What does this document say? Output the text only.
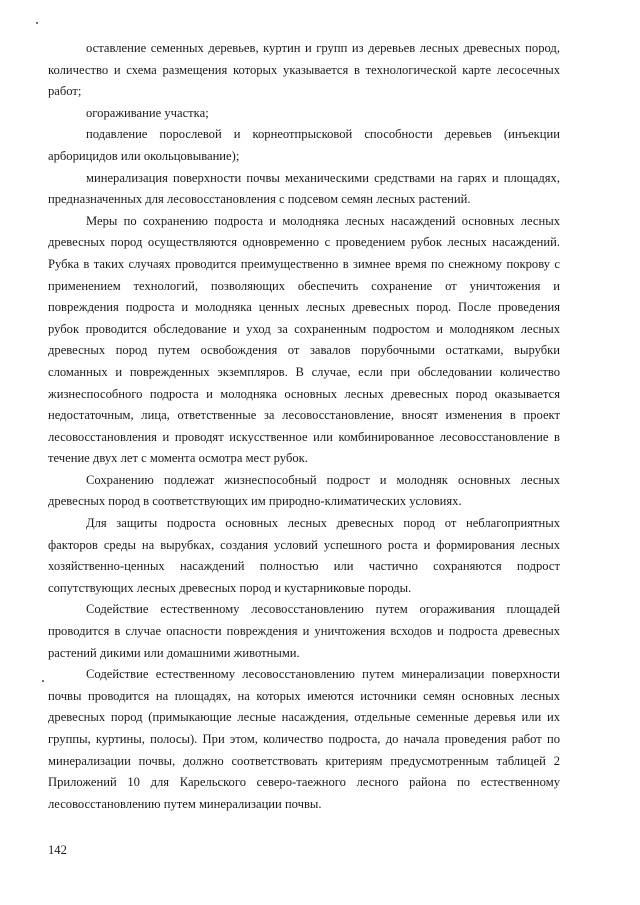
оставление семенных деревьев, куртин и групп из деревьев лесных древесных пород, количество и схема размещения которых указывается в технологической карте лесосечных работ;

огораживание участка;

подавление порослевой и корнеотпрысковой способности деревьев (инъекции арборицидов или окольцовывание);

минерализация поверхности почвы механическими средствами на гарях и площадях, предназначенных для лесовосстановления с подсевом семян лесных растений.

Меры по сохранению подроста и молодняка лесных насаждений основных лесных древесных пород осуществляются одновременно с проведением рубок лесных насаждений. Рубка в таких случаях проводится преимущественно в зимнее время по снежному покрову с применением технологий, позволяющих обеспечить сохранение от уничтожения и повреждения подроста и молодняка ценных лесных древесных пород. После проведения рубок проводится обследование и уход за сохраненным подростом и молодняком лесных древесных пород путем освобождения от завалов порубочными остатками, вырубки сломанных и поврежденных экземпляров. В случае, если при обследовании количество жизнеспособного подроста и молодняка основных лесных древесных пород оказывается недостаточным, лица, ответственные за лесовосстановление, вносят изменения в проект лесовосстановления и проводят искусственное или комбинированное лесовосстановление в течение двух лет с момента осмотра мест рубок.

Сохранению подлежат жизнеспособный подрост и молодняк основных лесных древесных пород в соответствующих им природно-климатических условиях.

Для защиты подроста основных лесных древесных пород от неблагоприятных факторов среды на вырубках, создания условий успешного роста и формирования лесных хозяйственно-ценных насаждений полностью или частично сохраняются подрост сопутствующих лесных древесных пород и кустарниковые породы.

Содействие естественному лесовосстановлению путем огораживания площадей проводится в случае опасности повреждения и уничтожения всходов и подроста древесных растений дикими или домашними животными.

Содействие естественному лесовосстановлению путем минерализации поверхности почвы проводится на площадях, на которых имеются источники семян основных лесных древесных пород (примыкающие лесные насаждения, отдельные семенные деревья или их группы, куртины, полосы). При этом, количество подроста, до начала проведения работ по минерализации почвы, должно соответствовать критериям предусмотренным таблицей 2 Приложений 10 для Карельского северо-таежного лесного района по естественному лесовосстановлению путем минерализации почвы.

142
